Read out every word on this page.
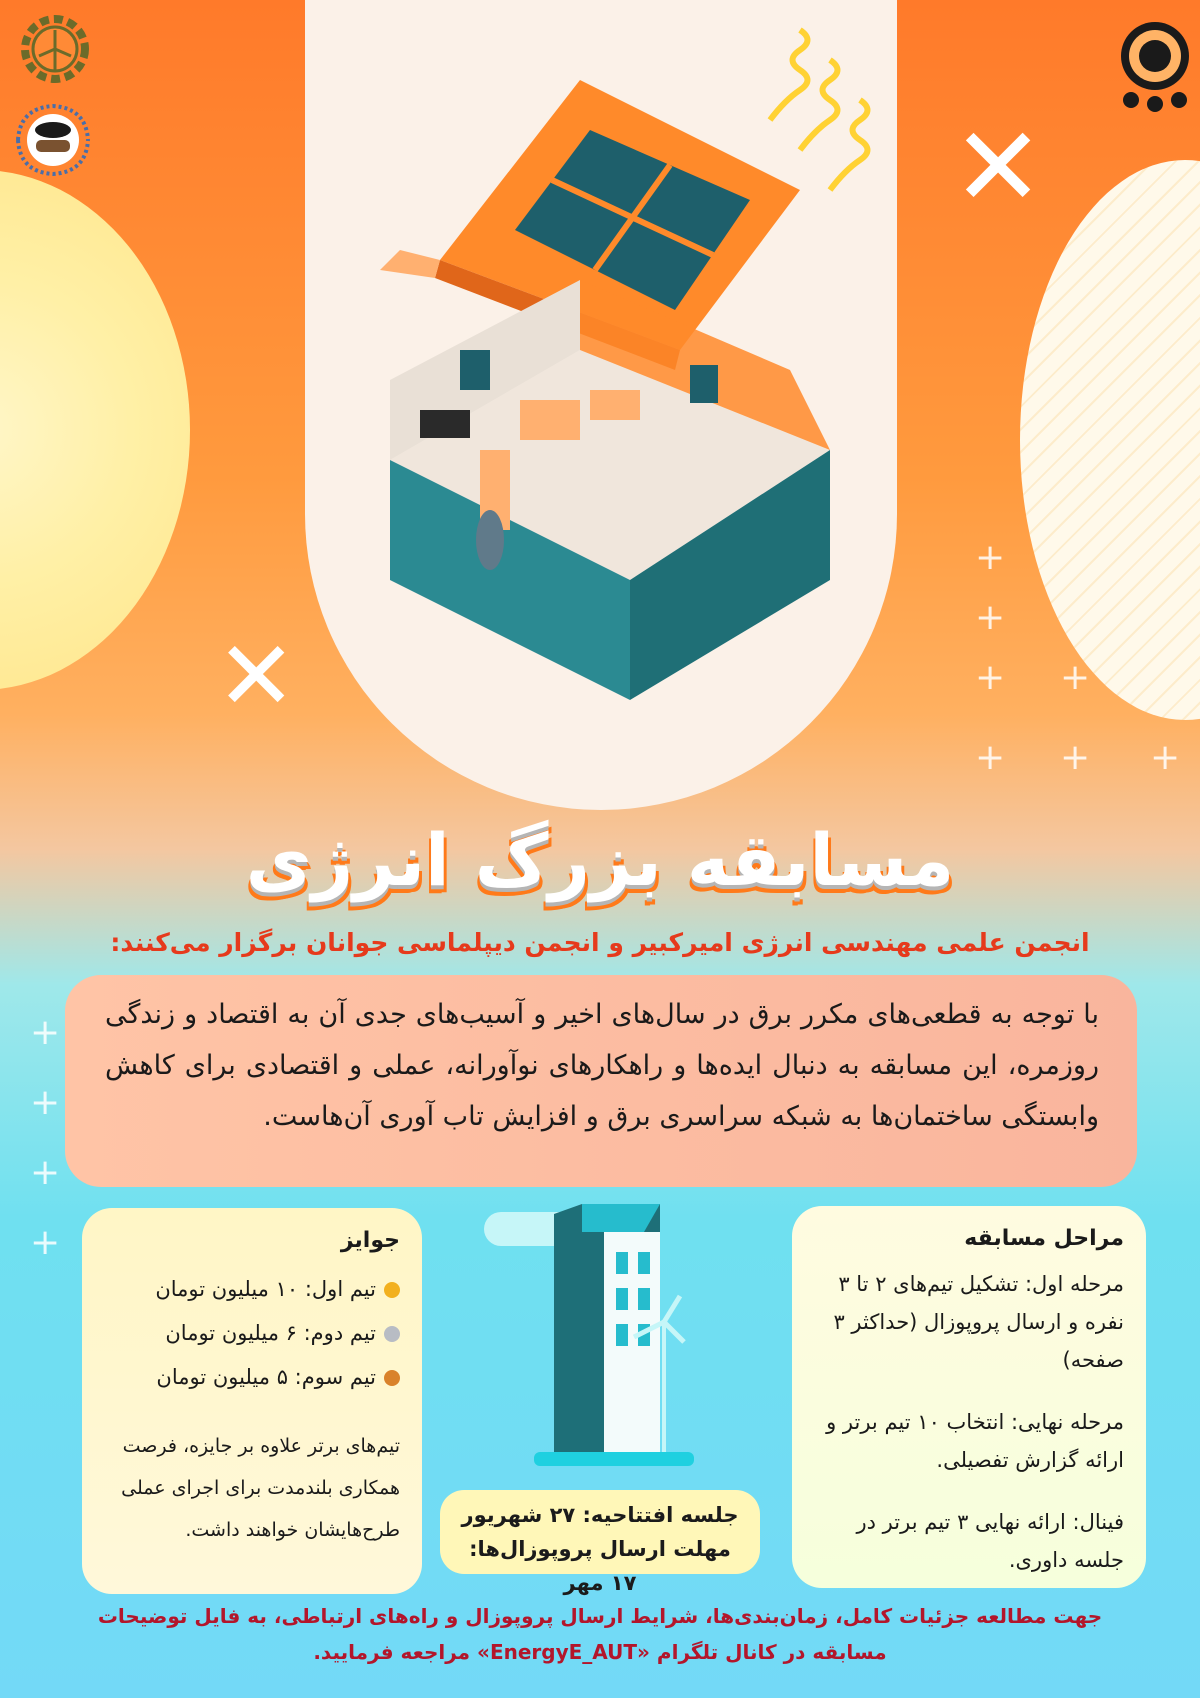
✕
✕
+
+
+
+
+
+ +
+
+
+
+
مسابقه بزرگ انرژی
انجمن علمی مهندسی انرژی امیرکبیر و انجمن دیپلماسی جوانان برگزار می‌کنند:
با توجه به قطعی‌های مکرر برق در سال‌های اخیر و آسیب‌های جدی آن به اقتصاد و زندگی روزمره، این مسابقه به دنبال ایده‌ها و راهکارهای نوآورانه، عملی و اقتصادی برای کاهش وابستگی ساختمان‌ها به شبکه سراسری برق و افزایش تاب آوری آن‌هاست.
مراحل مسابقه
مرحله اول: تشکیل تیم‌های ۲ تا ۳ نفره و ارسال پروپوزال (حداکثر ۳ صفحه)
مرحله نهایی: انتخاب ۱۰ تیم برتر و ارائه گزارش تفصیلی.
فینال: ارائه نهایی ۳ تیم برتر در جلسه داوری.
جوایز
تیم اول: ۱۰ میلیون تومان
تیم دوم: ۶ میلیون تومان
تیم سوم: ۵ میلیون تومان
تیم‌های برتر علاوه بر جایزه، فرصت همکاری بلندمدت برای اجرای عملی طرح‌هایشان خواهند داشت.
جلسه افتتاحیه: ۲۷ شهریور
مهلت ارسال پروپوزال‌ها: ۱۷ مهر
جهت مطالعه جزئیات کامل، زمان‌بندی‌ها، شرایط ارسال پروپوزال و راه‌های ارتباطی، به فایل توضیحات
مسابقه در کانال تلگرام «EnergyE_AUT» مراجعه فرمایید.
